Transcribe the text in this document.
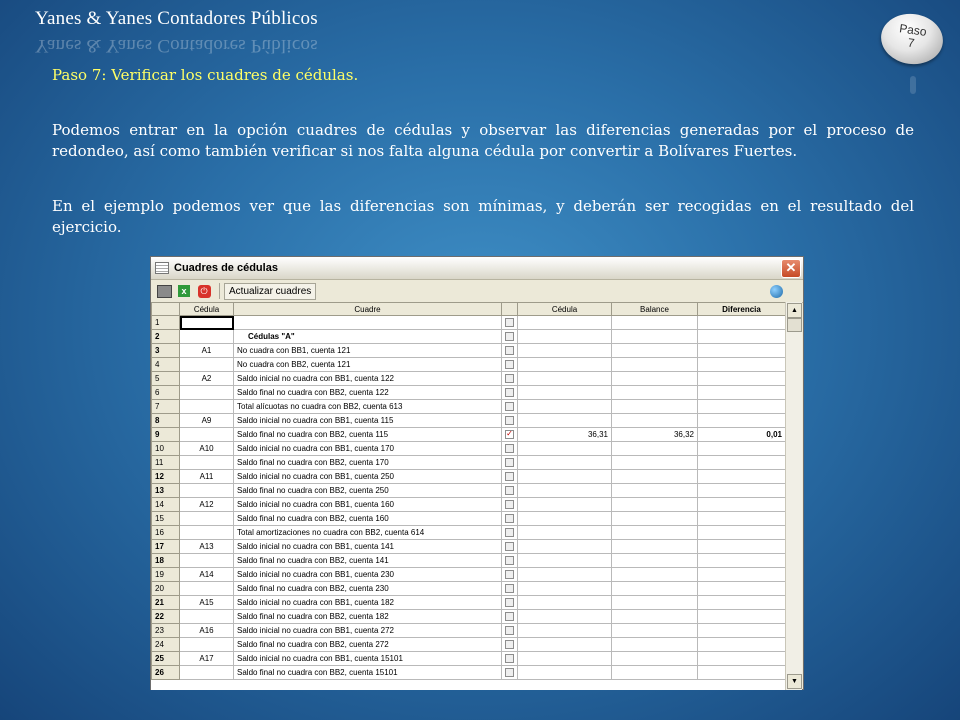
Yanes & Yanes Contadores Públicos
Yanes & Yanes Contadores Públicos
Paso
7
Paso 7: Verificar los cuadres de cédulas.
Podemos entrar en la opción cuadres de cédulas y observar las diferencias generadas por el proceso de redondeo, así como también verificar si nos falta alguna cédula por convertir a Bolívares Fuertes.
En el ejemplo podemos ver que las diferencias son mínimas, y deberán ser recogidas en el resultado del ejercicio.
Cuadres de cédulas	✕
x	⏻	Actualizar cuadres
	Cédula	Cuadre		Cédula	Balance	Diferencia
1						
2		Cédulas "A"				
3	A1	No cuadra con BB1, cuenta 121				
4		No cuadra con BB2, cuenta 121				
5	A2	Saldo inicial no cuadra con BB1, cuenta 122				
6		Saldo final no cuadra con BB2, cuenta 122				
7		Total alícuotas no cuadra con BB2, cuenta 613				
8	A9	Saldo inicial no cuadra con BB1, cuenta 115				
9		Saldo final no cuadra con BB2, cuenta 115	✓	36,31	36,32	0,01
10	A10	Saldo inicial no cuadra con BB1, cuenta 170				
11		Saldo final no cuadra con BB2, cuenta 170				
12	A11	Saldo inicial no cuadra con BB1, cuenta 250				
13		Saldo final no cuadra con BB2, cuenta 250				
14	A12	Saldo inicial no cuadra con BB1, cuenta 160				
15		Saldo final no cuadra con BB2, cuenta 160				
16		Total amortizaciones no cuadra con BB2, cuenta 614				
17	A13	Saldo inicial no cuadra con BB1, cuenta 141				
18		Saldo final no cuadra con BB2, cuenta 141				
19	A14	Saldo inicial no cuadra con BB1, cuenta 230				
20		Saldo final no cuadra con BB2, cuenta 230				
21	A15	Saldo inicial no cuadra con BB1, cuenta 182				
22		Saldo final no cuadra con BB2, cuenta 182				
23	A16	Saldo inicial no cuadra con BB1, cuenta 272				
24		Saldo final no cuadra con BB2, cuenta 272				
25	A17	Saldo inicial no cuadra con BB1, cuenta 15101				
26		Saldo final no cuadra con BB2, cuenta 15101				
▲
▼
